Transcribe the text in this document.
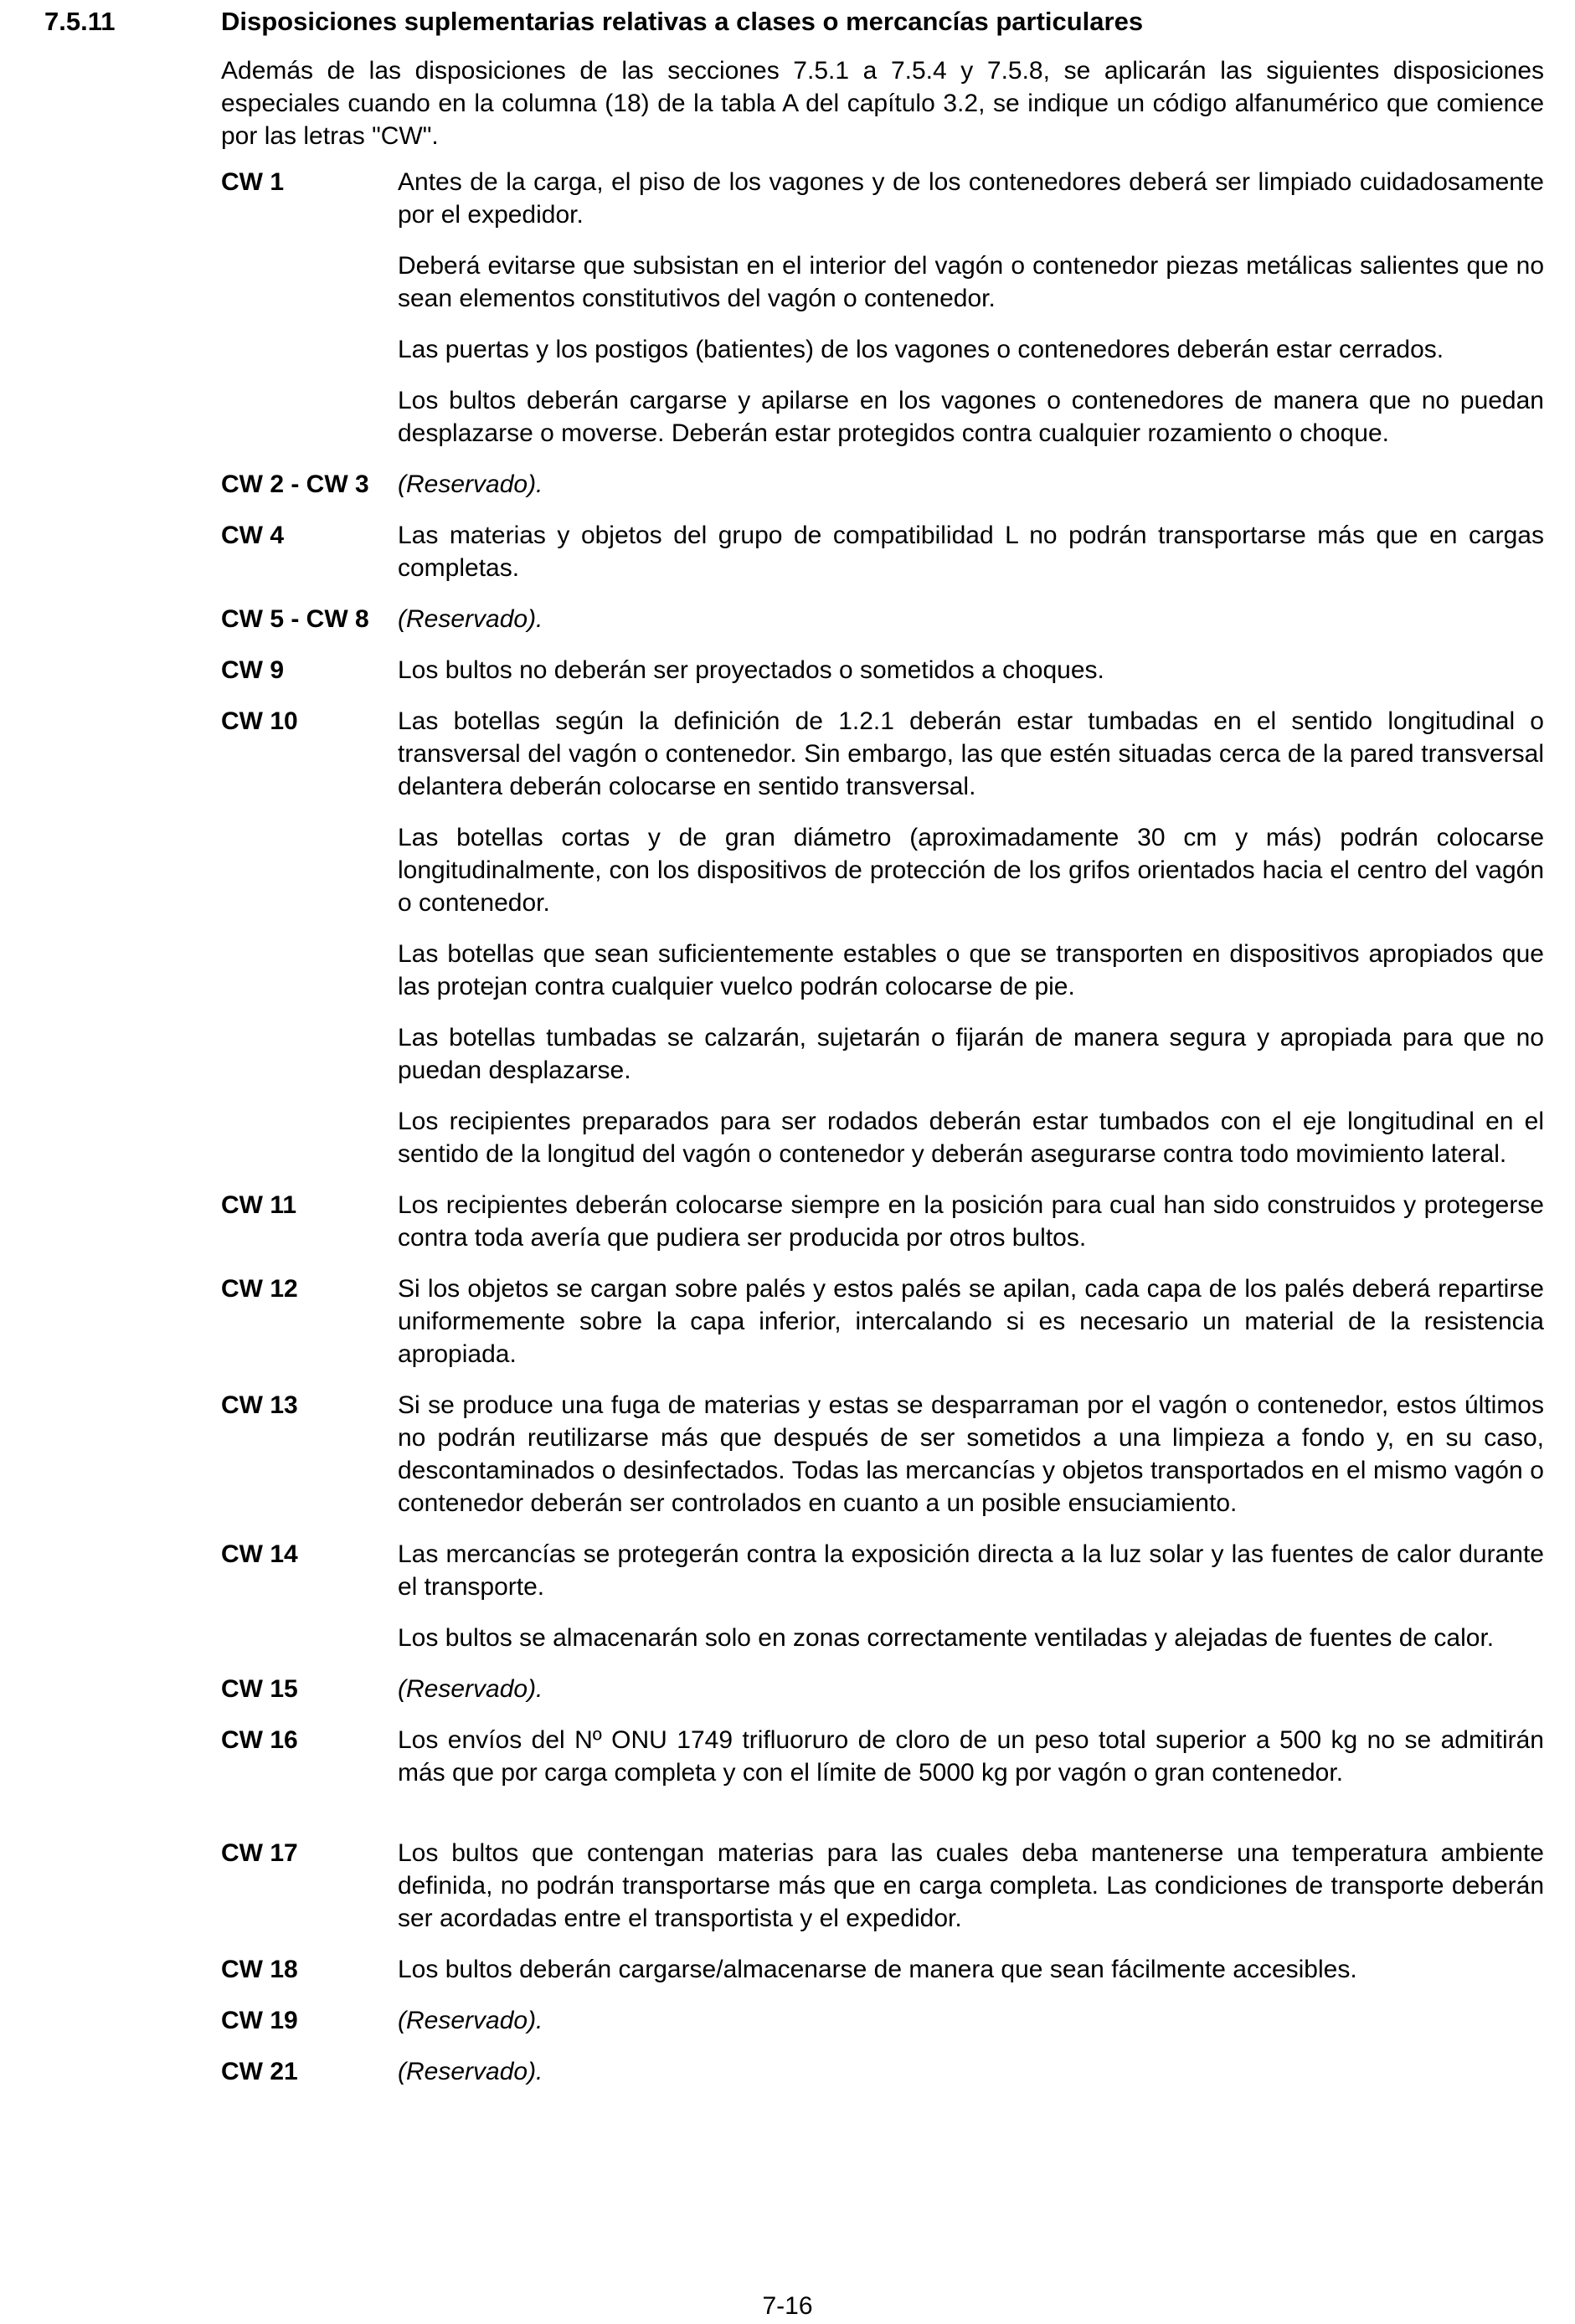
7.5.11	Disposiciones suplementarias relativas a clases o mercancías particulares

Además de las disposiciones de las secciones 7.5.1 a 7.5.4 y 7.5.8, se aplicarán las siguientes disposiciones especiales cuando en la columna (18) de la tabla A del capítulo 3.2, se indique un código alfanumérico que comience por las letras "CW".

CW 1	Antes de la carga, el piso de los vagones y de los contenedores deberá ser limpiado cuidadosamente por el expedidor.

Deberá evitarse que subsistan en el interior del vagón o contenedor piezas metálicas salientes que no sean elementos constitutivos del vagón o contenedor.

Las puertas y los postigos (batientes) de los vagones o contenedores deberán estar cerrados.

Los bultos deberán cargarse y apilarse en los vagones o contenedores de manera que no puedan desplazarse o moverse. Deberán estar protegidos contra cualquier rozamiento o choque.

CW 2 - CW 3	(Reservado).

CW 4	Las materias y objetos del grupo de compatibilidad L no podrán transportarse más que en cargas completas.

CW 5 - CW 8	(Reservado).

CW 9	Los bultos no deberán ser proyectados o sometidos a choques.

CW 10	Las botellas según la definición de 1.2.1 deberán estar tumbadas en el sentido longitudinal o transversal del vagón o contenedor. Sin embargo, las que estén situadas cerca de la pared transversal delantera deberán colocarse en sentido transversal.

Las botellas cortas y de gran diámetro (aproximadamente 30 cm y más) podrán colocarse longitudinalmente, con los dispositivos de protección de los grifos orientados hacia el centro del vagón o contenedor.

Las botellas que sean suficientemente estables o que se transporten en dispositivos apropiados que las protejan contra cualquier vuelco podrán colocarse de pie.

Las botellas tumbadas se calzarán, sujetarán o fijarán de manera segura y apropiada para que no puedan desplazarse.

Los recipientes preparados para ser rodados deberán estar tumbados con el eje longitudinal en el sentido de la longitud del vagón o contenedor y deberán asegurarse contra todo movimiento lateral.

CW 11	Los recipientes deberán colocarse siempre en la posición para cual han sido construidos y protegerse contra toda avería que pudiera ser producida por otros bultos.

CW 12	Si los objetos se cargan sobre palés y estos palés se apilan, cada capa de los palés deberá repartirse uniformemente sobre la capa inferior, intercalando si es necesario un material de la resistencia apropiada.

CW 13	Si se produce una fuga de materias y estas se desparraman por el vagón o contenedor, estos últimos no podrán reutilizarse más que después de ser sometidos a una limpieza a fondo y, en su caso, descontaminados o desinfectados. Todas las mercancías y objetos transportados en el mismo vagón o contenedor deberán ser controlados en cuanto a un posible ensuciamiento.

CW 14	Las mercancías se protegerán contra la exposición directa a la luz solar y las fuentes de calor durante el transporte.

Los bultos se almacenarán solo en zonas correctamente ventiladas y alejadas de fuentes de calor.

CW 15	(Reservado).

CW 16	Los envíos del Nº ONU 1749 trifluoruro de cloro de un peso total superior a 500 kg no se admitirán más que por carga completa y con el límite de 5000 kg por vagón o gran contenedor.

CW 17	Los bultos que contengan materias para las cuales deba mantenerse una temperatura ambiente definida, no podrán transportarse más que en carga completa. Las condiciones de transporte deberán ser acordadas entre el transportista y el expedidor.

CW 18	Los bultos deberán cargarse/almacenarse de manera que sean fácilmente accesibles.

CW 19	(Reservado).

CW 21	(Reservado).

7-16
